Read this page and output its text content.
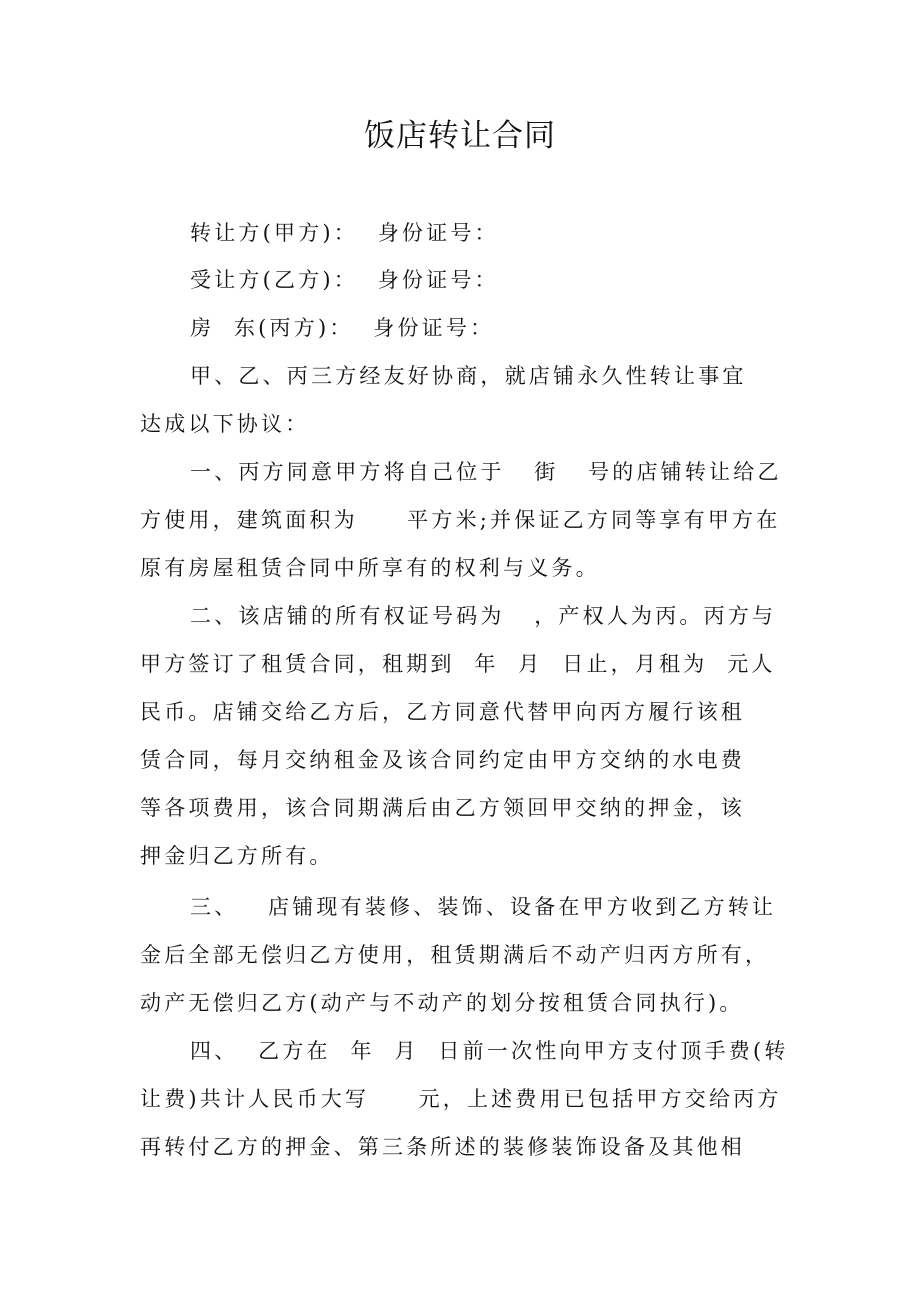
饭店转让合同
转让方(甲方)：  身份证号：
受让方(乙方)：  身份证号：
房  东(丙方)：  身份证号：
甲、乙、丙三方经友好协商，就店铺永久性转让事宜
达成以下协议：
一、丙方同意甲方将自己位于   街   号的店铺转让给乙
方使用，建筑面积为     平方米;并保证乙方同等享有甲方在
原有房屋租赁合同中所享有的权利与义务。
二、该店铺的所有权证号码为   ，产权人为丙。丙方与
甲方签订了租赁合同，租期到  年  月  日止，月租为  元人
民币。店铺交给乙方后，乙方同意代替甲向丙方履行该租
赁合同，每月交纳租金及该合同约定由甲方交纳的水电费
等各项费用，该合同期满后由乙方领回甲交纳的押金，该
押金归乙方所有。
三、   店铺现有装修、装饰、设备在甲方收到乙方转让
金后全部无偿归乙方使用，租赁期满后不动产归丙方所有，
动产无偿归乙方(动产与不动产的划分按租赁合同执行)。
四、  乙方在  年  月  日前一次性向甲方支付顶手费(转
让费)共计人民币大写     元，上述费用已包括甲方交给丙方
再转付乙方的押金、第三条所述的装修装饰设备及其他相
